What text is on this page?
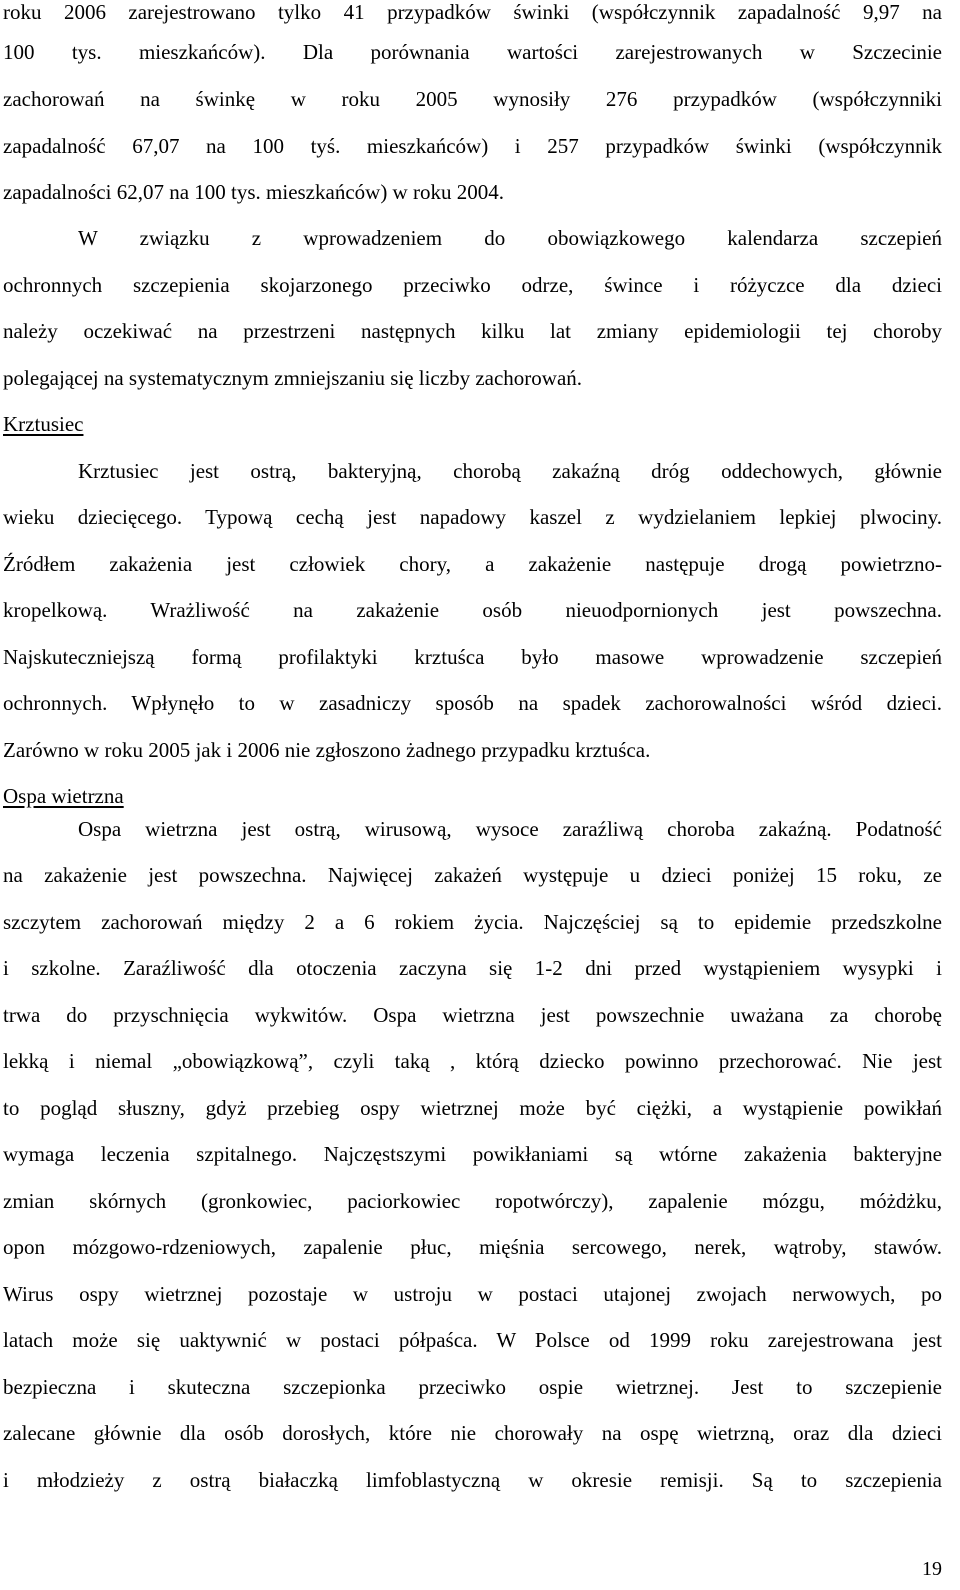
roku 2006 zarejestrowano tylko 41 przypadków świnki (współczynnik zapadalność 9,97 na
100 tys. mieszkańców). Dla porównania wartości zarejestrowanych w Szczecinie
zachorowań na świnkę w roku 2005 wynosiły 276 przypadków (współczynniki
zapadalność 67,07 na 100 tyś. mieszkańców) i 257 przypadków świnki (współczynnik
zapadalności 62,07 na 100 tys. mieszkańców) w roku 2004.
W związku z wprowadzeniem do obowiązkowego kalendarza szczepień
ochronnych szczepienia skojarzonego przeciwko odrze, śwince i różyczce dla dzieci
należy oczekiwać na przestrzeni następnych kilku lat zmiany epidemiologii tej choroby
polegającej na systematycznym zmniejszaniu się liczby zachorowań.
Krztusiec
Krztusiec jest ostrą, bakteryjną, chorobą zakaźną dróg oddechowych, głównie
wieku dziecięcego. Typową cechą jest napadowy kaszel z wydzielaniem lepkiej plwociny.
Źródłem zakażenia jest człowiek chory, a zakażenie następuje drogą powietrzno-
kropelkową. Wrażliwość na zakażenie osób nieuodpornionych jest powszechna.
Najskuteczniejszą formą profilaktyki krztuśca było masowe wprowadzenie szczepień
ochronnych. Wpłynęło to w zasadniczy sposób na spadek zachorowalności wśród dzieci.
Zarówno w roku 2005 jak i 2006 nie zgłoszono żadnego przypadku krztuśca.
Ospa wietrzna
Ospa wietrzna jest ostrą, wirusową, wysoce zaraźliwą choroba zakaźną. Podatność
na zakażenie jest powszechna. Najwięcej zakażeń występuje u dzieci poniżej 15 roku, ze
szczytem zachorowań między 2 a 6 rokiem życia. Najczęściej są to epidemie przedszkolne
i szkolne. Zaraźliwość dla otoczenia zaczyna się 1-2 dni przed wystąpieniem wysypki i
trwa do przyschnięcia wykwitów. Ospa wietrzna jest powszechnie uważana za chorobę
lekką i niemal „obowiązkową”, czyli taką , którą dziecko powinno przechorować. Nie jest
to pogląd słuszny, gdyż przebieg ospy wietrznej może być ciężki, a wystąpienie powikłań
wymaga leczenia szpitalnego. Najczęstszymi powikłaniami są wtórne zakażenia bakteryjne
zmian skórnych (gronkowiec, paciorkowiec ropotwórczy), zapalenie mózgu, móżdżku,
opon mózgowo-rdzeniowych, zapalenie płuc, mięśnia sercowego, nerek, wątroby, stawów.
Wirus ospy wietrznej pozostaje w ustroju w postaci utajonej zwojach nerwowych, po
latach może się uaktywnić w postaci półpaśca. W Polsce od 1999 roku zarejestrowana jest
bezpieczna i skuteczna szczepionka przeciwko ospie wietrznej. Jest to szczepienie
zalecane głównie dla osób dorosłych, które nie chorowały na ospę wietrzną, oraz dla dzieci
i młodzieży z ostrą białaczką limfoblastyczną w okresie remisji. Są to szczepienia
19
